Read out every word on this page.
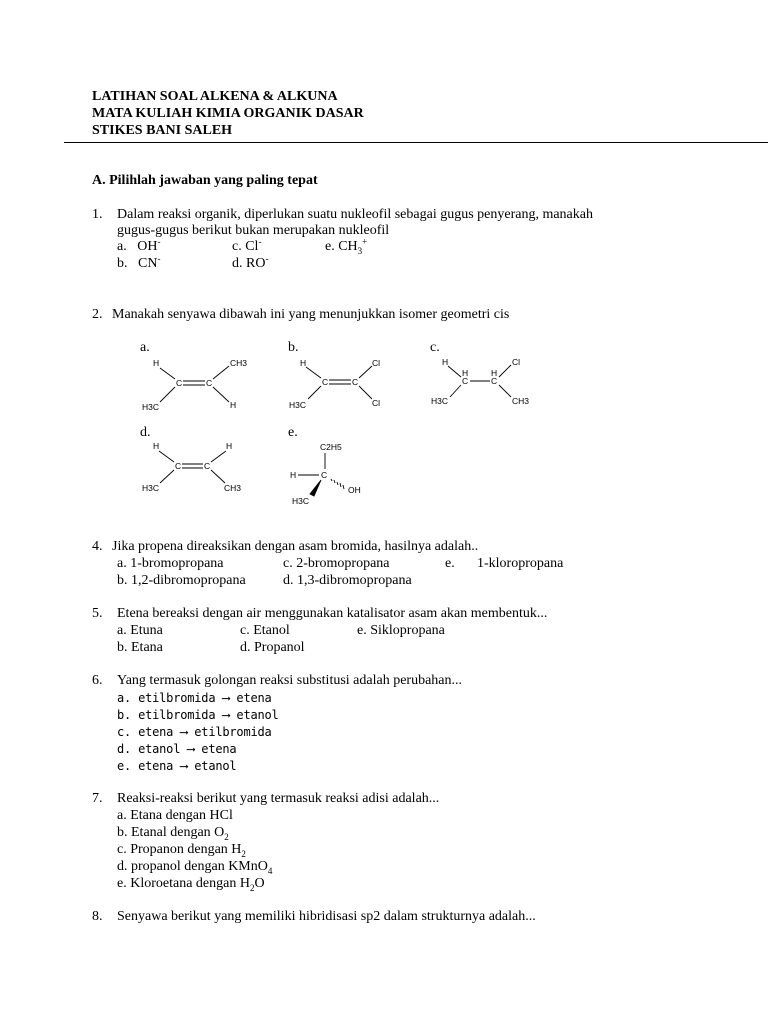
LATIHAN SOAL ALKENA & ALKUNA
MATA KULIAH KIMIA ORGANIK DASAR
STIKES BANI SALEH
A. Pilihlah jawaban yang paling tepat
1. Dalam reaksi organik, diperlukan suatu nukleofil sebagai gugus penyerang, manakah
gugus-gugus berikut bukan merupakan nukleofil
a. OH-	c. Cl-	e. $CH_3^+$
b. CN-	d. RO-
2. Manakah senyawa dibawah ini yang menunjukkan isomer geometri cis
a.	b.	c.
d.	e.
H	CH3
C	C
H3C	H
H	Cl
C	C
H3C	Cl
H	Cl
H	H
C	C
H3C	CH3
H	H
C	C
H3C	CH3
C2H5
H	C
OH
H3C
4. Jika propena direaksikan dengan asam bromida, hasilnya adalah..
a. 1-bromopropana	c. 2-bromopropana	e. 1-kloropropana
b. 1,2-dibromopropana	d. 1,3-dibromopropana
5. Etena bereaksi dengan air menggunakan katalisator asam akan membentuk...
a. Etuna	c. Etanol	e. Siklopropana
b. Etana	d. Propanol
6. Yang termasuk golongan reaksi substitusi adalah perubahan...
a. etilbromida ⟶ etena
b. etilbromida ⟶ etanol
c. etena ⟶ etilbromida
d. etanol ⟶ etena
e. etena ⟶ etanol
7. Reaksi-reaksi berikut yang termasuk reaksi adisi adalah...
a. Etana dengan HCl
b. Etanal dengan $O_2$
c. Propanon dengan $H_2$
d. propanol dengan KMnO$_4$
e. Kloroetana dengan $H_2O$
8. Senyawa berikut yang memiliki hibridisasi sp2 dalam strukturnya adalah...
